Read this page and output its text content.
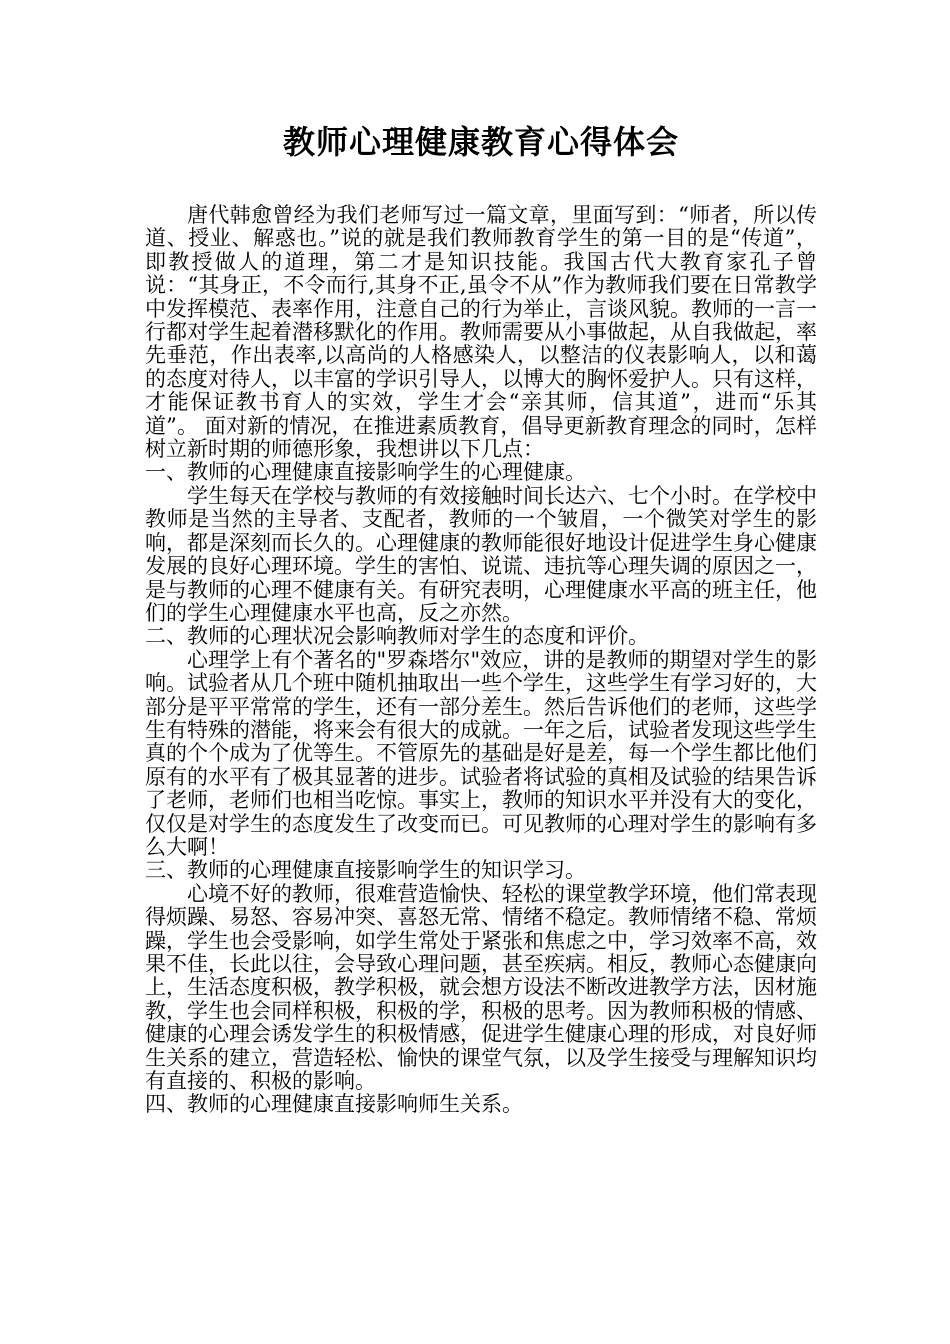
教师心理健康教育心得体会

唐代韩愈曾经为我们老师写过一篇文章，里面写到：“师者，所以传道、授业、解惑也。”说的就是我们教师教育学生的第一目的是“传道”，即教授做人的道理，第二才是知识技能。我国古代大教育家孔子曾说：“其身正，不令而行,其身不正,虽令不从”作为教师我们要在日常教学中发挥模范、表率作用，注意自己的行为举止，言谈风貌。教师的一言一行都对学生起着潜移默化的作用。教师需要从小事做起，从自我做起，率先垂范，作出表率,以高尚的人格感染人，以整洁的仪表影响人，以和蔼的态度对待人，以丰富的学识引导人，以博大的胸怀爱护人。只有这样，才能保证教书育人的实效，学生才会“亲其师，信其道”，进而“乐其道”。 面对新的情况，在推进素质教育，倡导更新教育理念的同时，怎样树立新时期的师德形象，我想讲以下几点：

一、教师的心理健康直接影响学生的心理健康。

学生每天在学校与教师的有效接触时间长达六、七个小时。在学校中教师是当然的主导者、支配者，教师的一个皱眉，一个微笑对学生的影响，都是深刻而长久的。心理健康的教师能很好地设计促进学生身心健康发展的良好心理环境。学生的害怕、说谎、违抗等心理失调的原因之一，是与教师的心理不健康有关。有研究表明，心理健康水平高的班主任，他们的学生心理健康水平也高，反之亦然。

二、教师的心理状况会影响教师对学生的态度和评价。

心理学上有个著名的"罗森塔尔"效应，讲的是教师的期望对学生的影响。试验者从几个班中随机抽取出一些个学生，这些学生有学习好的，大部分是平平常常的学生，还有一部分差生。然后告诉他们的老师，这些学生有特殊的潜能，将来会有很大的成就。一年之后，试验者发现这些学生真的个个成为了优等生。不管原先的基础是好是差，每一个学生都比他们原有的水平有了极其显著的进步。试验者将试验的真相及试验的结果告诉了老师，老师们也相当吃惊。事实上，教师的知识水平并没有大的变化，仅仅是对学生的态度发生了改变而已。可见教师的心理对学生的影响有多么大啊！

三、教师的心理健康直接影响学生的知识学习。

心境不好的教师，很难营造愉快、轻松的课堂教学环境，他们常表现得烦躁、易怒、容易冲突、喜怒无常、情绪不稳定。教师情绪不稳、常烦躁，学生也会受影响，如学生常处于紧张和焦虑之中，学习效率不高，效果不佳，长此以往，会导致心理问题，甚至疾病。相反，教师心态健康向上，生活态度积极，教学积极，就会想方设法不断改进教学方法，因材施教，学生也会同样积极，积极的学，积极的思考。因为教师积极的情感、健康的心理会诱发学生的积极情感，促进学生健康心理的形成，对良好师生关系的建立，营造轻松、愉快的课堂气氛，以及学生接受与理解知识均有直接的、积极的影响。

四、教师的心理健康直接影响师生关系。
